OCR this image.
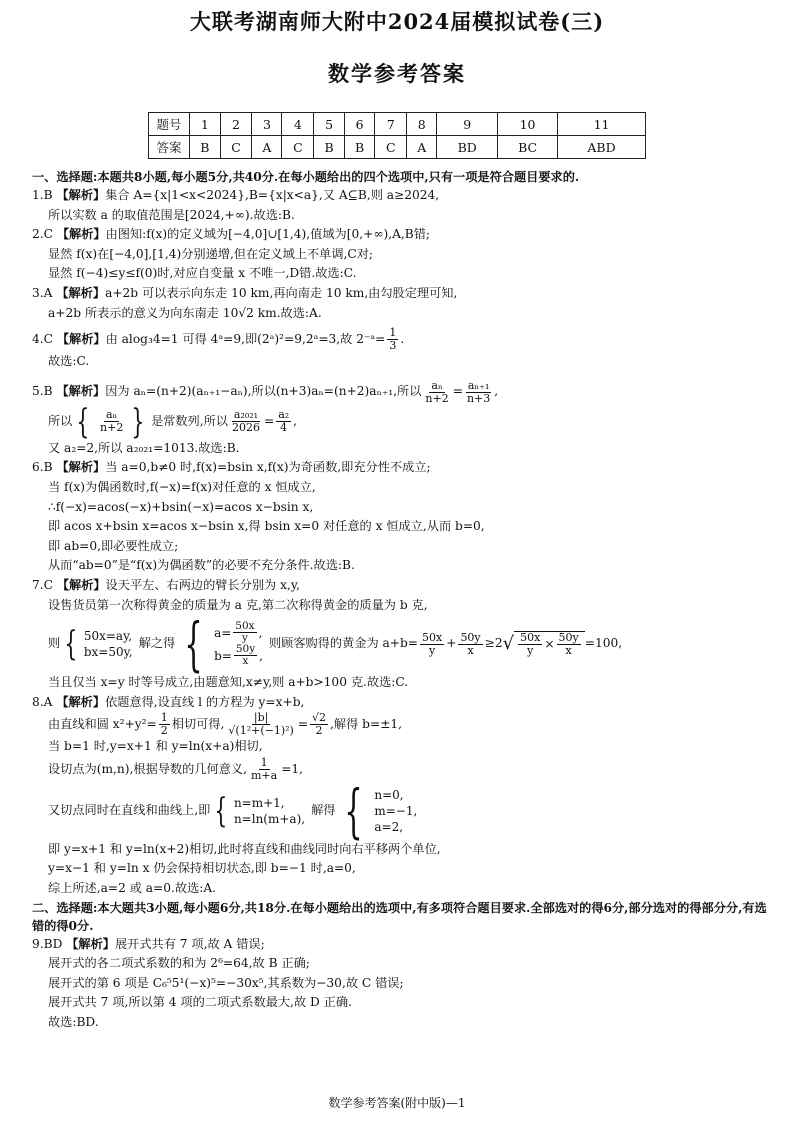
大联考湖南师大附中2024届模拟试卷(三)
数学参考答案
题号	1	2	3	4	5	6	7	8	9	10	11
答案	B	C	A	C	B	B	C	A	BD	BC	ABD
一、选择题:本题共8小题,每小题5分,共40分.在每小题给出的四个选项中,只有一项是符合题目要求的.
1.B 【解析】集合 A={x|1<x<2024},B={x|x<a},又 A⊆B,则 a≥2024,
所以实数 a 的取值范围是[2024,+∞).故选:B.
2.C 【解析】由图知:f(x)的定义域为[−4,0]∪[1,4),值域为[0,+∞),A,B错;
显然 f(x)在[−4,0],[1,4)分别递增,但在定义域上不单调,C对;
显然 f(−4)≤y≤f(0)时,对应自变量 x 不唯一,D错.故选:C.
3.A 【解析】a+2b 可以表示向东走 10 km,再向南走 10 km,由勾股定理可知,
a+2b 所表示的意义为向东南走 10√2 km.故选:A.
4.C
【解析】 由 alog₃4=1 可得 4ᵃ=9,即(2ᵃ)²=9,2ᵃ=3,故 2⁻ᵃ= $\frac{1}{3}$ .
故选:C.
5.B
【解析】 因为 aₙ=(n+2)(aₙ₊₁−aₙ),所以(n+3)aₙ=(n+2)aₙ₊₁,所以 $\frac{\text{aₙ}}{n+2} = \frac{\text{aₙ₊₁}}{n+3}$ ,
所以 { $\frac{\text{aₙ}}{n+2}$ } 是常数列,所以 $\frac{\text{a₂₀₂₁}}{2026} = \frac{\text{a₂}}{4}$ ,
又 a₂=2,所以 a₂₀₂₁=1013.故选:B.
6.B 【解析】当 a=0,b≠0 时,f(x)=bsin x,f(x)为奇函数,即充分性不成立;
当 f(x)为偶函数时,f(−x)=f(x)对任意的 x 恒成立,
∴f(−x)=acos(−x)+bsin(−x)=acos x−bsin x,
即 acos x+bsin x=acos x−bsin x,得 bsin x=0 对任意的 x 恒成立,从而 b=0,
即 ab=0,即必要性成立;
从而“ab=0”是“f(x)为偶函数”的必要不充分条件.故选:B.
7.C 【解析】设天平左、右两边的臂长分别为 x,y,
设售货员第一次称得黄金的质量为 a 克,第二次称得黄金的质量为 b 克,
则 { 50x=ay,
bx=50y,
解之得 { $a= \frac{50x}{y}$ ,
$b= \frac{50y}{x}$ ,
则顾客购得的黄金为 $a+b= \frac{50x}{y} + \frac{50y}{x} \ge 2$ √ $\frac{50x}{y} \times \frac{50y}{x} =100$,
当且仅当 x=y 时等号成立,由题意知,x≠y,则 a+b>100 克.故选:C.
8.A 【解析】依题意得,设直线 l 的方程为 y=x+b,
由直线和圆 $x^2+y^2= \frac{1}{2}$ 相切可得, $\frac{|b|}{\text{√(1²+(−1)²)}} = \frac{√2}{2}$ ,解得 b=±1,
当 b=1 时,y=x+1 和 y=ln(x+a)相切,
设切点为(m,n),根据导数的几何意义, $\frac{1}{m+a} =1$,
又切点同时在直线和曲线上,即 { n=m+1,
n=ln(m+a),
解得 { n=0,
m=−1,
a=2,
即 y=x+1 和 y=ln(x+2)相切,此时将直线和曲线同时向右平移两个单位,
y=x−1 和 y=ln x 仍会保持相切状态,即 b=−1 时,a=0,
综上所述,a=2 或 a=0.故选:A.
二、选择题:本大题共3小题,每小题6分,共18分.在每小题给出的选项中,有多项符合题目要求.全部选对的得6分,部分选对的得部分分,有选错的得0分.
9.BD 【解析】展开式共有 7 项,故 A 错误;
展开式的各二项式系数的和为 2⁶=64,故 B 正确;
展开式的第 6 项是 C₆⁵5¹(−x)⁵=−30x⁵,其系数为−30,故 C 错误;
展开式共 7 项,所以第 4 项的二项式系数最大,故 D 正确.
故选:BD.
数学参考答案(附中版)—1
